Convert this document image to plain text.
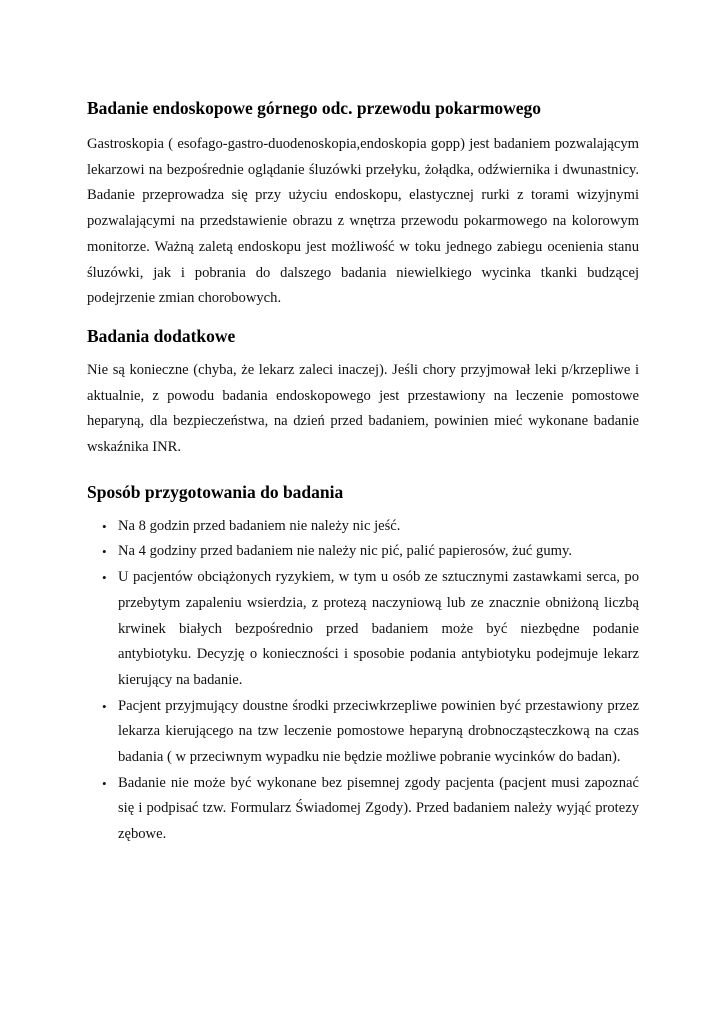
Badanie endoskopowe górnego odc. przewodu pokarmowego

Gastroskopia ( esofago-gastro-duodenoskopia,endoskopia gopp) jest badaniem pozwalającym lekarzowi na bezpośrednie oglądanie śluzówki przełyku, żołądka, odźwiernika i dwunastnicy. Badanie przeprowadza się przy użyciu endoskopu, elastycznej rurki z torami wizyjnymi pozwalającymi na przedstawienie obrazu z wnętrza przewodu pokarmowego na kolorowym monitorze. Ważną zaletą endoskopu jest możliwość w toku jednego zabiegu ocenienia stanu śluzówki, jak i pobrania do dalszego badania niewielkiego wycinka tkanki budzącej podejrzenie zmian chorobowych.

Badania dodatkowe

Nie są konieczne (chyba, że lekarz zaleci inaczej). Jeśli chory przyjmował leki p/krzepliwe i aktualnie, z powodu badania endoskopowego jest przestawiony na leczenie pomostowe heparyną, dla bezpieczeństwa, na dzień przed badaniem, powinien mieć wykonane badanie wskaźnika INR.

Sposób przygotowania do badania
• Na 8 godzin przed badaniem nie należy nic jeść.
• Na 4 godziny przed badaniem nie należy nic pić, palić papierosów, żuć gumy.
• U pacjentów obciążonych ryzykiem, w tym u osób ze sztucznymi zastawkami serca, po przebytym zapaleniu wsierdzia, z protezą naczyniową lub ze znacznie obniżoną liczbą krwinek białych bezpośrednio przed badaniem może być niezbędne podanie antybiotyku. Decyzję o konieczności i sposobie podania antybiotyku podejmuje lekarz kierujący na badanie.
• Pacjent przyjmujący doustne środki przeciwkrzepliwe powinien być przestawiony przez lekarza kierującego na tzw leczenie pomostowe heparyną drobnocząsteczkową na czas badania ( w przeciwnym wypadku nie będzie możliwe pobranie wycinków do badan).
• Badanie nie może być wykonane bez pisemnej zgody pacjenta (pacjent musi zapoznać się i podpisać tzw. Formularz Świadomej Zgody). Przed badaniem należy wyjąć protezy zębowe.
